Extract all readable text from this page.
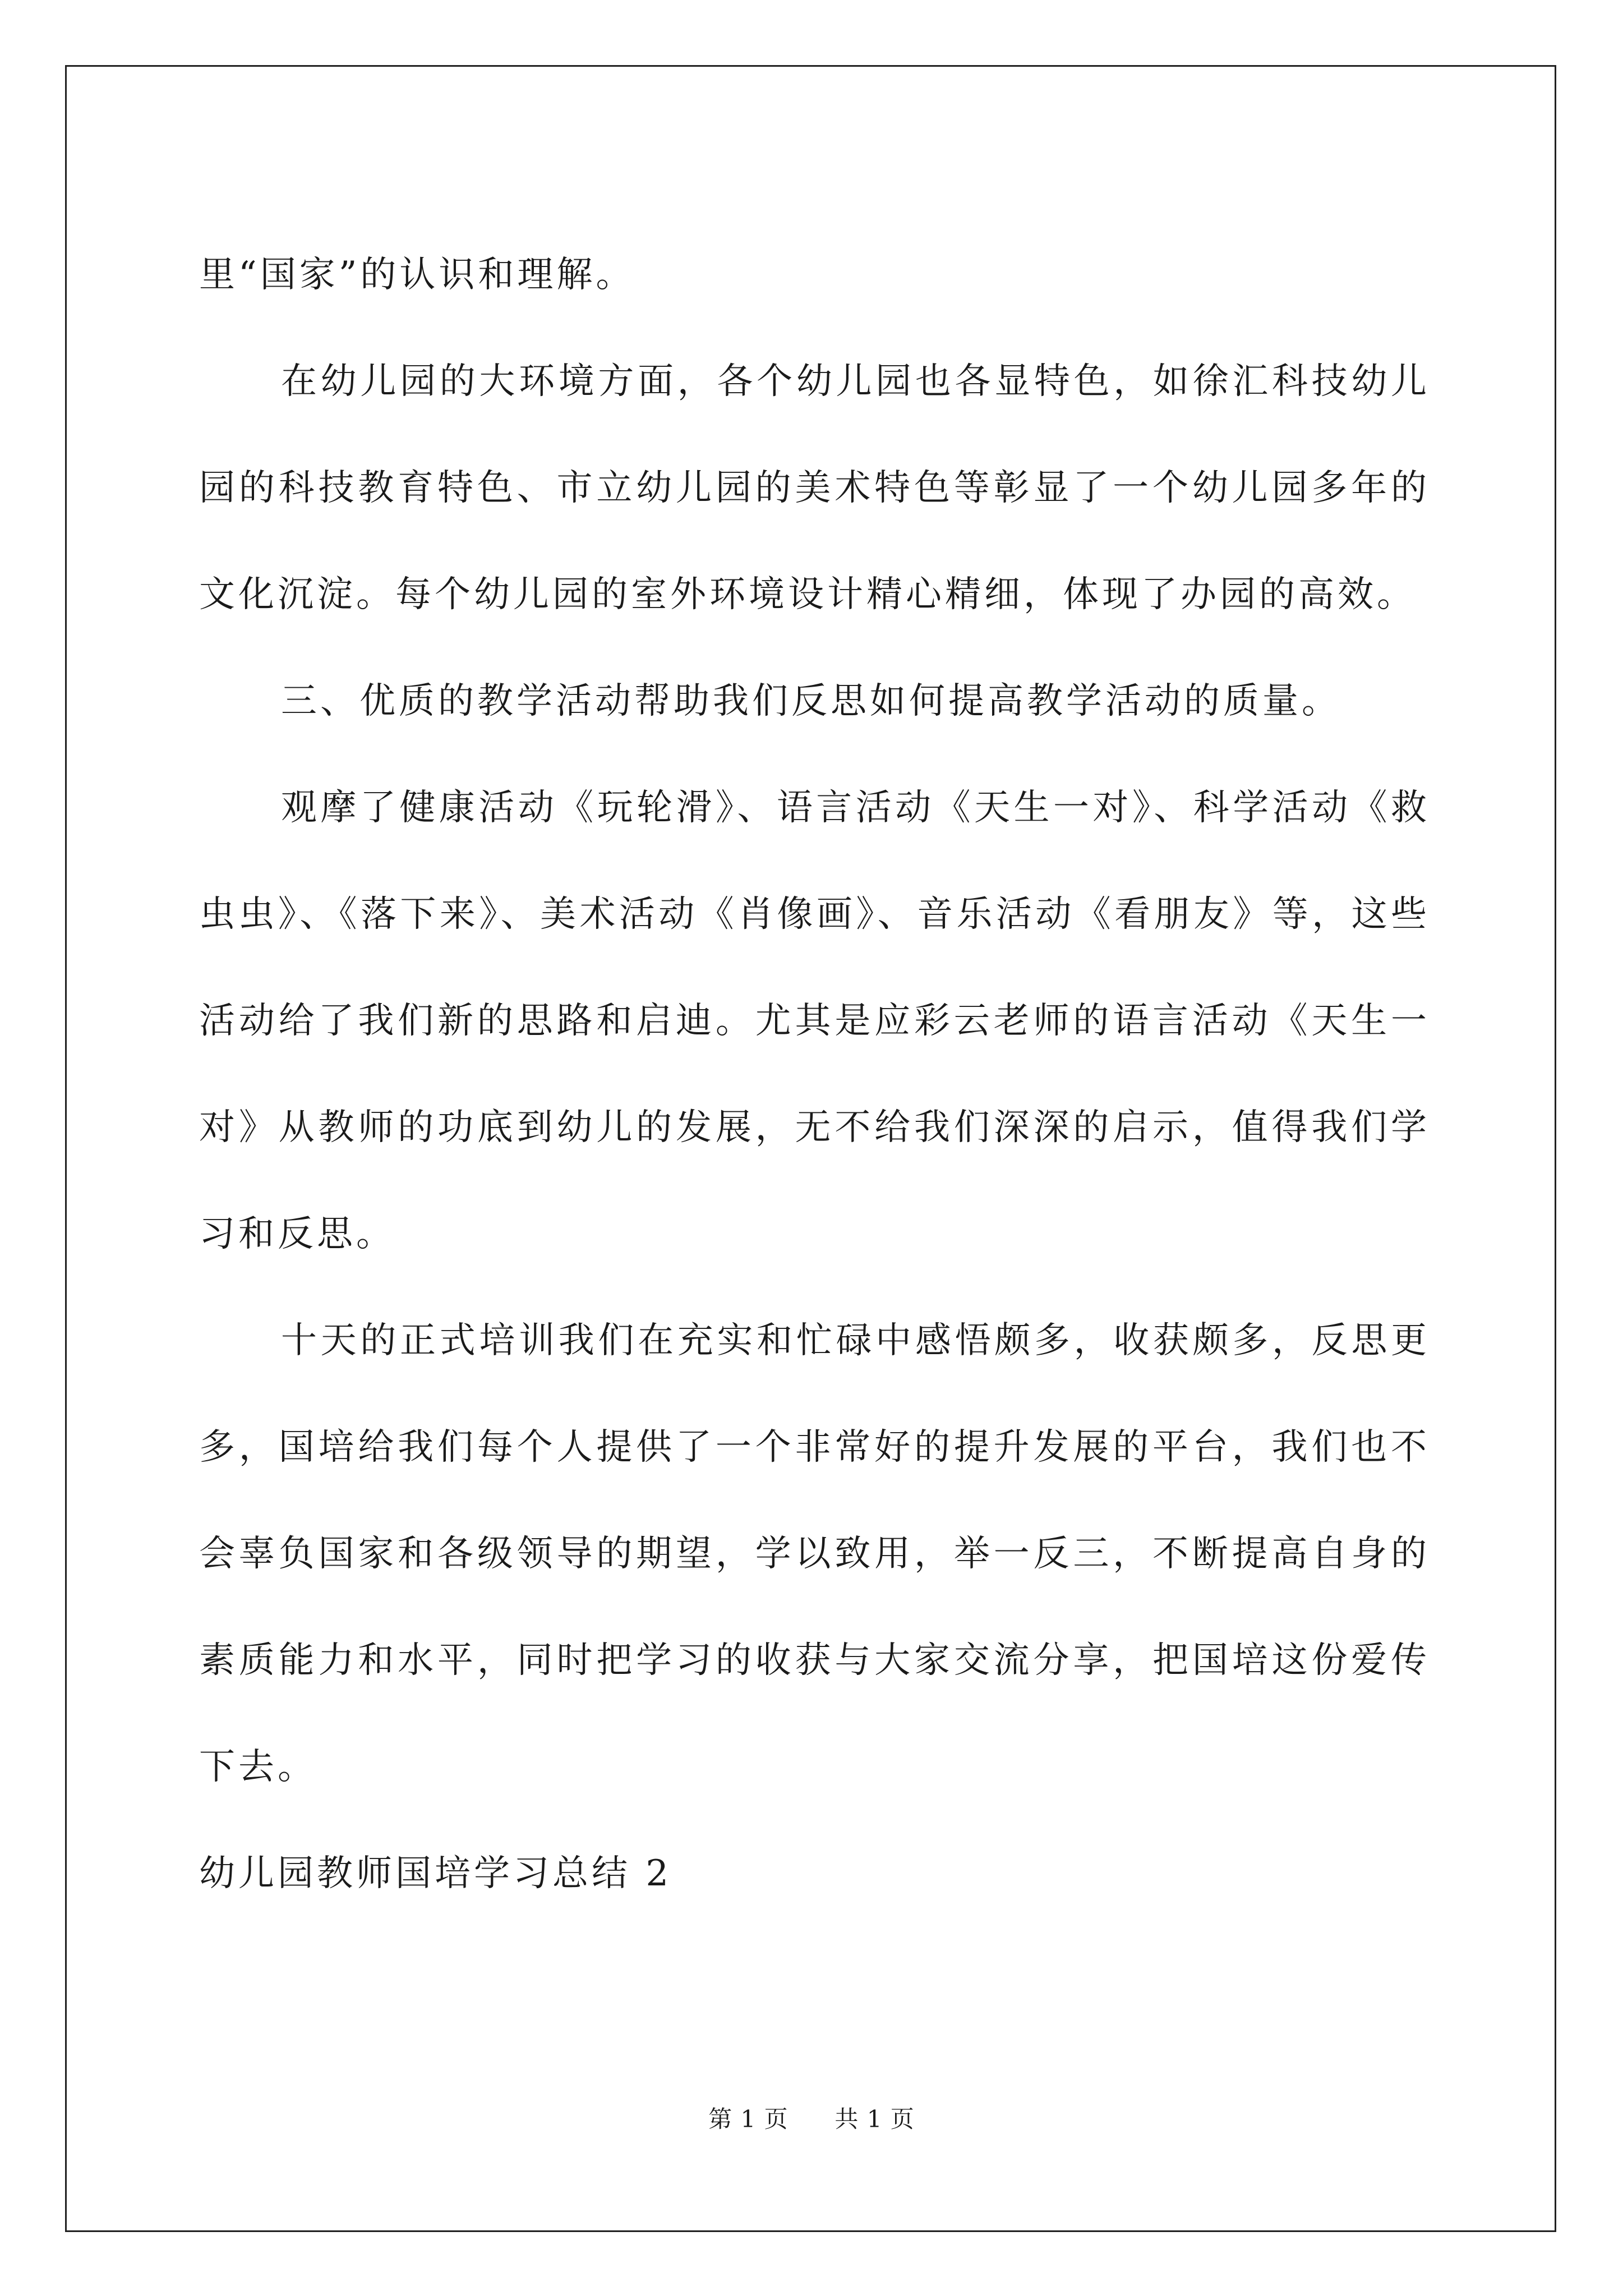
里“国家”的认识和理解。

在幼儿园的大环境方面，各个幼儿园也各显特色，如徐汇科技幼儿园的科技教育特色、市立幼儿园的美术特色等彰显了一个幼儿园多年的文化沉淀。每个幼儿园的室外环境设计精心精细，体现了办园的高效。

三、优质的教学活动帮助我们反思如何提高教学活动的质量。

观摩了健康活动《玩轮滑》、语言活动《天生一对》、科学活动《救虫虫》、《落下来》、美术活动《肖像画》、音乐活动《看朋友》等，这些活动给了我们新的思路和启迪。尤其是应彩云老师的语言活动《天生一对》从教师的功底到幼儿的发展，无不给我们深深的启示，值得我们学习和反思。

十天的正式培训我们在充实和忙碌中感悟颇多，收获颇多，反思更多，国培给我们每个人提供了一个非常好的提升发展的平台，我们也不会辜负国家和各级领导的期望，学以致用，举一反三，不断提高自身的素质能力和水平，同时把学习的收获与大家交流分享，把国培这份爱传下去。

幼儿园教师国培学习总结 2

第 1 页 共 1 页
